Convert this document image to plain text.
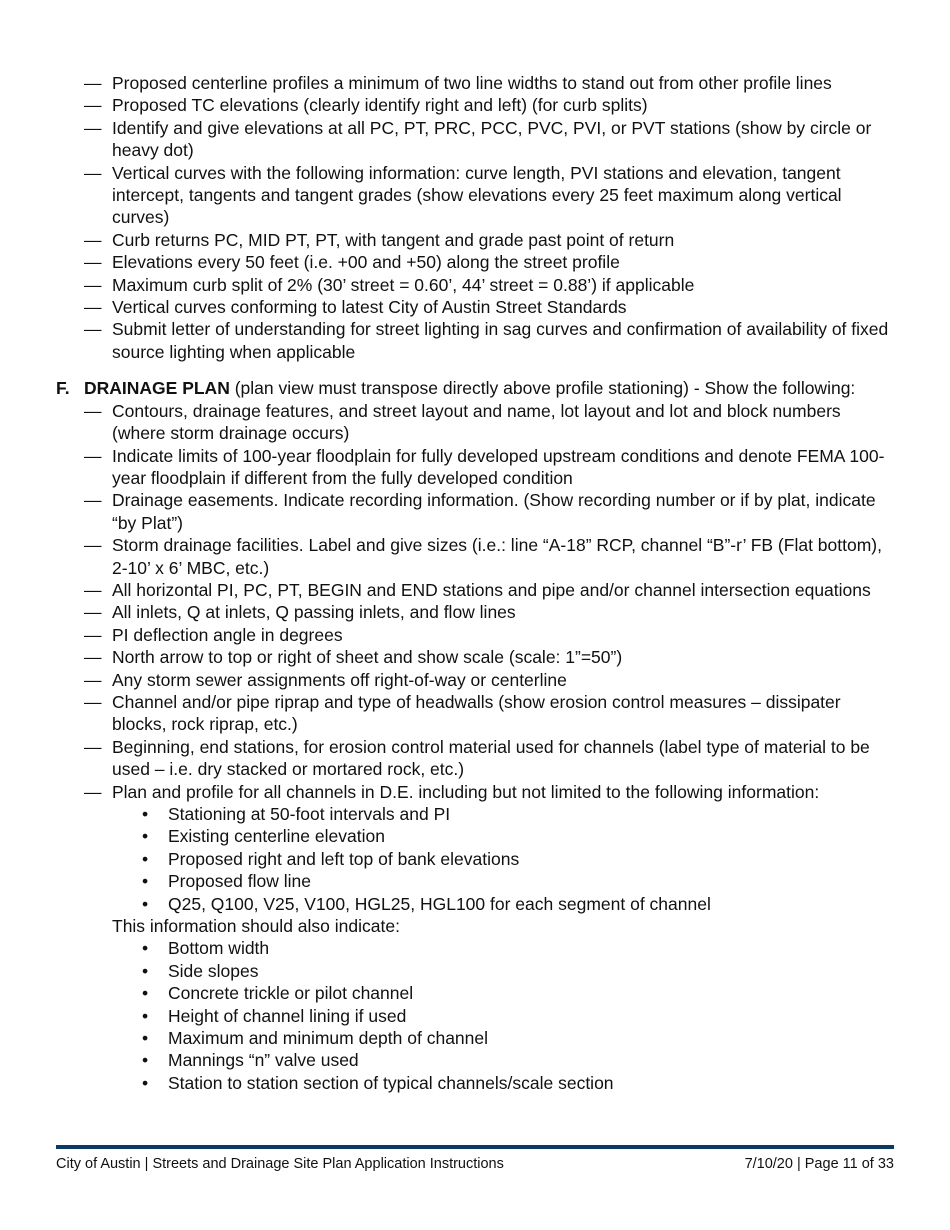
— Proposed centerline profiles a minimum of two line widths to stand out from other profile lines
— Proposed TC elevations (clearly identify right and left) (for curb splits)
— Identify and give elevations at all PC, PT, PRC, PCC, PVC, PVI, or PVT stations (show by circle or heavy dot)
— Vertical curves with the following information: curve length, PVI stations and elevation, tangent intercept, tangents and tangent grades (show elevations every 25 feet maximum along vertical curves)
— Curb returns PC, MID PT, PT, with tangent and grade past point of return
— Elevations every 50 feet (i.e. +00 and +50) along the street profile
— Maximum curb split of 2% (30’ street = 0.60’, 44’ street = 0.88’) if applicable
— Vertical curves conforming to latest City of Austin Street Standards
— Submit letter of understanding for street lighting in sag curves and confirmation of availability of fixed source lighting when applicable
F. DRAINAGE PLAN (plan view must transpose directly above profile stationing) - Show the following:
— Contours, drainage features, and street layout and name, lot layout and lot and block numbers (where storm drainage occurs)
— Indicate limits of 100-year floodplain for fully developed upstream conditions and denote FEMA 100-year floodplain if different from the fully developed condition
— Drainage easements. Indicate recording information. (Show recording number or if by plat, indicate “by Plat”)
— Storm drainage facilities. Label and give sizes (i.e.: line “A-18” RCP, channel “B”-r’ FB (Flat bottom), 2-10’ x 6’ MBC, etc.)
— All horizontal PI, PC, PT, BEGIN and END stations and pipe and/or channel intersection equations
— All inlets, Q at inlets, Q passing inlets, and flow lines
— PI deflection angle in degrees
— North arrow to top or right of sheet and show scale (scale: 1”=50”)
— Any storm sewer assignments off right-of-way or centerline
— Channel and/or pipe riprap and type of headwalls (show erosion control measures – dissipater blocks, rock riprap, etc.)
— Beginning, end stations, for erosion control material used for channels (label type of material to be used – i.e. dry stacked or mortared rock, etc.)
— Plan and profile for all channels in D.E. including but not limited to the following information:
• Stationing at 50-foot intervals and PI
• Existing centerline elevation
• Proposed right and left top of bank elevations
• Proposed flow line
• Q25, Q100, V25, V100, HGL25, HGL100 for each segment of channel
This information should also indicate:
• Bottom width
• Side slopes
• Concrete trickle or pilot channel
• Height of channel lining if used
• Maximum and minimum depth of channel
• Mannings “n” valve used
• Station to station section of typical channels/scale section
City of Austin | Streets and Drainage Site Plan Application Instructions	7/10/20 | Page 11 of 33
